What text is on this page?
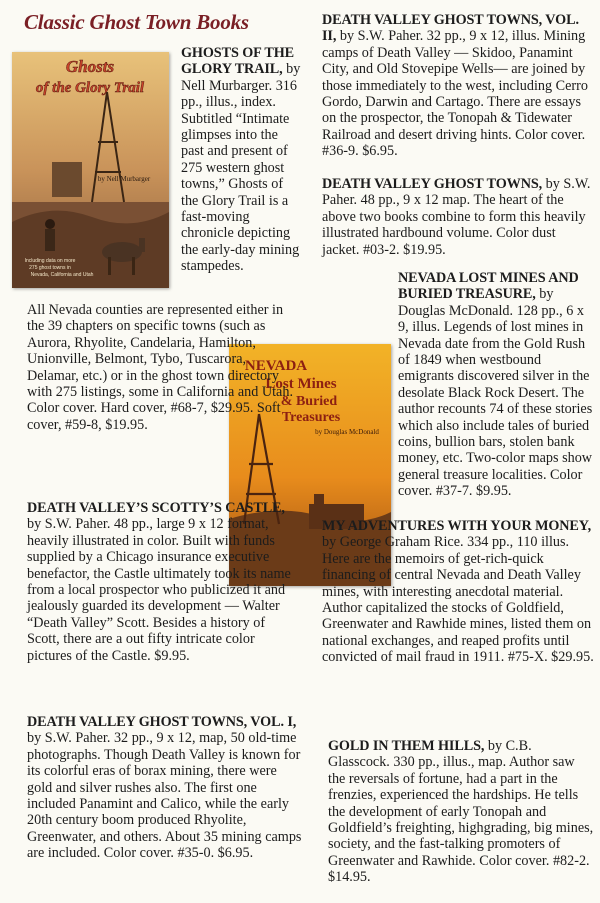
Classic Ghost Town Books
Ghosts
of the Glory Trail
by Nell Murbarger
Including data on more
275 ghost towns in
Nevada, California and Utah
NEVADA
Lost Mines
& Buried
Treasures
by Douglas McDonald

GHOSTS OF THE GLORY TRAIL, by Nell Murbarger. 316 pp., illus., index. Subtitled “Intimate glimpses into the past and present of 275 western ghost towns,” Ghosts of the Glory Trail is a fast-moving chronicle depicting the early-day mining stampedes.

All Nevada counties are represented either in the 39 chapters on specific towns (such as Aurora, Rhyolite, Candelaria, Hamilton, Unionville, Belmont, Tybo, Tuscarora, Delamar, etc.) or in the ghost town directory with 275 listings, some in California and Utah. Color cover. Hard cover, #68-7, $29.95. Soft cover, #59-8, $19.95.

DEATH VALLEY’S SCOTTY’S CASTLE, by S.W. Paher. 48 pp., large 9 x 12 format, heavily illustrated in color. Built with funds supplied by a Chicago insurance executive benefactor, the Castle ultimately took its name from a local prospector who publicized it and jealously guarded its development — Walter “Death Valley” Scott. Besides a history of Scott, there are a out fifty intricate color pictures of the Castle. $9.95.

DEATH VALLEY GHOST TOWNS, VOL. I, by S.W. Paher. 32 pp., 9 x 12, map, 50 old-time photographs. Though Death Valley is known for its colorful eras of borax mining, there were gold and silver rushes also. The first one included Panamint and Calico, while the early 20th century boom produced Rhyolite, Greenwater, and others. About 35 mining camps are included. Color cover. #35-0. $6.95.

DEATH VALLEY GHOST TOWNS, VOL. II, by S.W. Paher. 32 pp., 9 x 12, illus. Mining camps of Death Valley — Skidoo, Panamint City, and Old Stovepipe Wells— are joined by those immediately to the west, including Cerro Gordo, Darwin and Cartago. There are essays on the prospector, the Tonopah & Tidewater Railroad and desert driving hints. Color cover. #36-9. $6.95.

DEATH VALLEY GHOST TOWNS, by S.W. Paher. 48 pp., 9 x 12 map. The heart of the above two books combine to form this heavily illustrated hardbound volume. Color dust jacket. #03-2. $19.95.

NEVADA LOST MINES AND BURIED TREASURE, by Douglas McDonald. 128 pp., 6 x 9, illus. Legends of lost mines in Nevada date from the Gold Rush of 1849 when westbound emigrants discovered silver in the desolate Black Rock Desert. The author recounts 74 of these stories which also include tales of buried coins, bullion bars, stolen bank money, etc. Two-color maps show general treasure localities. Color cover. #37-7. $9.95.

MY ADVENTURES WITH YOUR MONEY, by George Graham Rice. 334 pp., 110 illus. Here are the memoirs of get-rich-quick financing of central Nevada and Death Valley mines, with interesting anecdotal material. Author capitalized the stocks of Goldfield, Greenwater and Rawhide mines, listed them on national exchanges, and reaped profits until convicted of mail fraud in 1911. #75-X. $29.95.

GOLD IN THEM HILLS, by C.B. Glasscock. 330 pp., illus., map. Author saw the reversals of fortune, had a part in the frenzies, experienced the hardships. He tells the development of early Tonopah and Goldfield’s freighting, highgrading, big mines, society, and the fast-talking promoters of Greenwater and Rawhide. Color cover. #82-2. $14.95.
